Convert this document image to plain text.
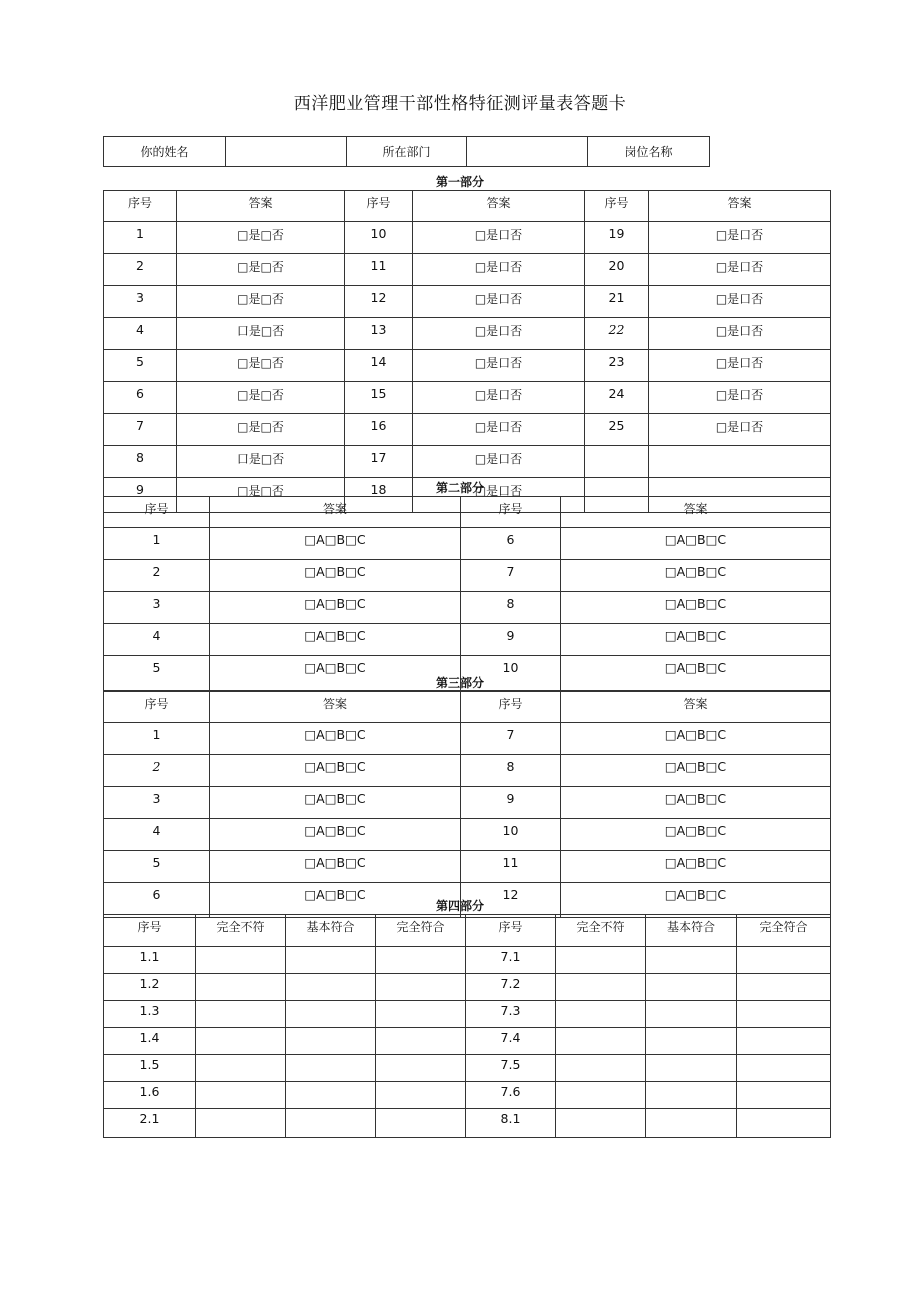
西洋肥业管理干部性格特征测评量表答题卡
你的姓名		所在部门		岗位名称
第一部分
序号	答案	序号	答案	序号	答案
1	□是□否	10	□是口否	19	□是口否
2	□是□否	11	□是口否	20	□是口否
3	□是□否	12	□是口否	21	□是口否
4	口是□否	13	□是口否	22	□是口否
5	□是□否	14	□是口否	23	□是口否
6	□是□否	15	□是口否	24	□是口否
7	□是□否	16	□是口否	25	□是口否
8	口是□否	17	□是口否		
9	□是□否	18	□是口否		
第二部分
序号	答案	序号	答案
1	□A□B□C	6	□A□B□C
2	□A□B□C	7	□A□B□C
3	□A□B□C	8	□A□B□C
4	□A□B□C	9	□A□B□C
5	□A□B□C	10	□A□B□C
第三部分
序号	答案	序号	答案
1	□A□B□C	7	□A□B□C
2	□A□B□C	8	□A□B□C
3	□A□B□C	9	□A□B□C
4	□A□B□C	10	□A□B□C
5	□A□B□C	11	□A□B□C
6	□A□B□C	12	□A□B□C
第四部分
序号	完全不符	基本符合	完全符合	序号	完全不符	基本符合	完全符合
1.1				7.1			
1.2				7.2			
1.3				7.3			
1.4				7.4			
1.5				7.5			
1.6				7.6			
2.1				8.1			
